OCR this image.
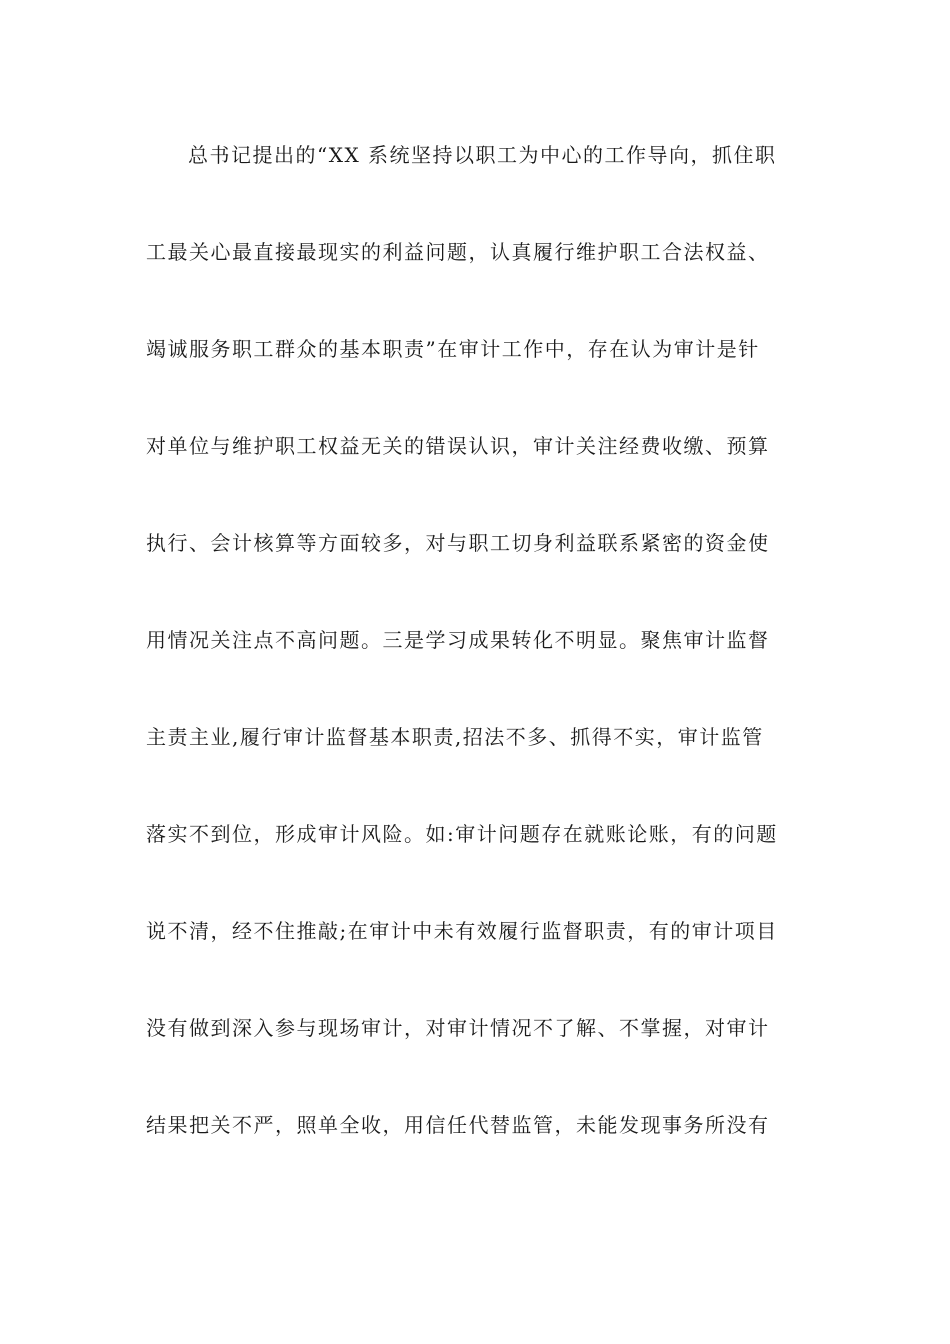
总书记提出的“XX 系统坚持以职工为中心的工作导向，抓住职
工最关心最直接最现实的利益问题，认真履行维护职工合法权益、
竭诚服务职工群众的基本职责”在审计工作中，存在认为审计是针
对单位与维护职工权益无关的错误认识，审计关注经费收缴、预算
执行、会计核算等方面较多，对与职工切身利益联系紧密的资金使
用情况关注点不高问题。三是学习成果转化不明显。聚焦审计监督
主责主业,履行审计监督基本职责,招法不多、抓得不实，审计监管
落实不到位，形成审计风险。如:审计问题存在就账论账，有的问题
说不清，经不住推敲;在审计中未有效履行监督职责，有的审计项目
没有做到深入参与现场审计，对审计情况不了解、不掌握，对审计
结果把关不严，照单全收，用信任代替监管，未能发现事务所没有
